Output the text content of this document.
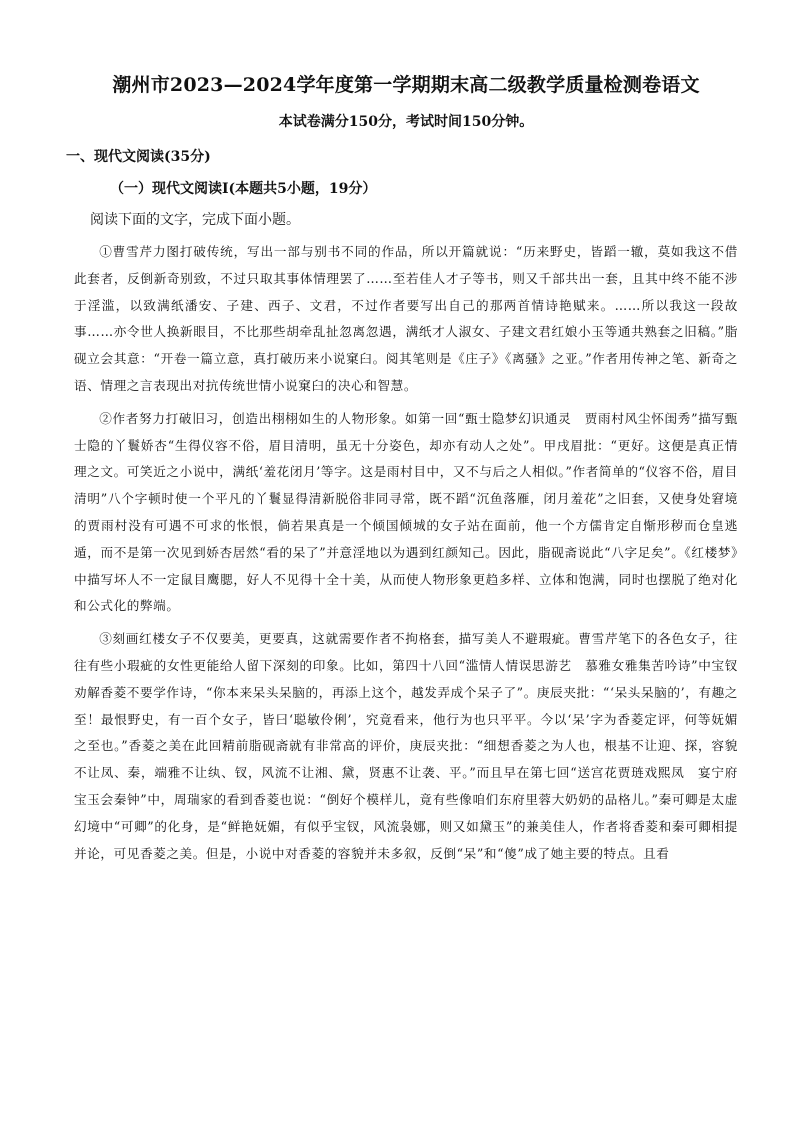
潮州市2023—2024学年度第一学期期末高二级教学质量检测卷语文
本试卷满分150分，考试时间150分钟。
一、现代文阅读(35分)
（一）现代文阅读Ⅰ(本题共5小题，19分）
阅读下面的文字，完成下面小题。

①曹雪芹力图打破传统，写出一部与别书不同的作品，所以开篇就说：“历来野史，皆蹈一辙，莫如我这不借此套者，反倒新奇别致，不过只取其事体情理罢了……至若佳人才子等书，则又千部共出一套，且其中终不能不涉于淫滥，以致满纸潘安、子建、西子、文君，不过作者要写出自己的那两首情诗艳赋来。……所以我这一段故事……亦令世人换新眼目，不比那些胡牵乱扯忽离忽遇，满纸才人淑女、子建文君红娘小玉等通共熟套之旧稿。”脂砚立会其意：“开卷一篇立意，真打破历来小说窠臼。阅其笔则是《庄子》《离骚》之亚。”作者用传神之笔、新奇之语、情理之言表现出对抗传统世情小说窠臼的决心和智慧。

②作者努力打破旧习，创造出栩栩如生的人物形象。如第一回“甄士隐梦幻识通灵　贾雨村风尘怀闺秀”描写甄士隐的丫鬟娇杏“生得仪容不俗，眉目清明，虽无十分姿色，却亦有动人之处”。甲戌眉批：“更好。这便是真正情理之文。可笑近之小说中，满纸‘羞花闭月’等字。这是雨村目中，又不与后之人相似。”作者简单的“仪容不俗，眉目清明”八个字顿时使一个平凡的丫鬟显得清新脱俗非同寻常，既不蹈“沉鱼落雁，闭月羞花”之旧套，又使身处窘境的贾雨村没有可遇不可求的怅恨，倘若果真是一个倾国倾城的女子站在面前，他一个方儒肯定自惭形秽而仓皇逃遁，而不是第一次见到娇杏居然“看的呆了”并意淫地以为遇到红颜知己。因此，脂砚斋说此“八字足矣”。《红楼梦》中描写坏人不一定鼠目鹰腮，好人不见得十全十美，从而使人物形象更趋多样、立体和饱满，同时也摆脱了绝对化和公式化的弊端。

③刻画红楼女子不仅要美，更要真，这就需要作者不拘格套，描写美人不避瑕疵。曹雪芹笔下的各色女子，往往有些小瑕疵的女性更能给人留下深刻的印象。比如，第四十八回“滥情人情误思游艺　慕雅女雅集苦吟诗”中宝钗劝解香菱不要学作诗，“你本来呆头呆脑的，再添上这个，越发弄成个呆子了”。庚辰夹批：“‘呆头呆脑的’，有趣之至！最恨野史，有一百个女子，皆曰‘聪敏伶俐’，究竟看来，他行为也只平平。今以‘呆’字为香菱定评，何等妩媚之至也。”香菱之美在此回精前脂砚斋就有非常高的评价，庚辰夹批：“细想香菱之为人也，根基不让迎、探，容貌不让凤、秦，端雅不让纨、钗，风流不让湘、黛，贤惠不让袭、平。”而且早在第七回“送宫花贾琏戏熙凤　宴宁府宝玉会秦钟”中，周瑞家的看到香菱也说：“倒好个模样儿，竟有些像咱们东府里蓉大奶奶的品格儿。”秦可卿是太虚幻境中“可卿”的化身，是“鲜艳妩媚，有似乎宝钗，风流袅娜，则又如黛玉”的兼美佳人，作者将香菱和秦可卿相提并论，可见香菱之美。但是，小说中对香菱的容貌并未多叙，反倒“呆”和“傻”成了她主要的特点。且看
